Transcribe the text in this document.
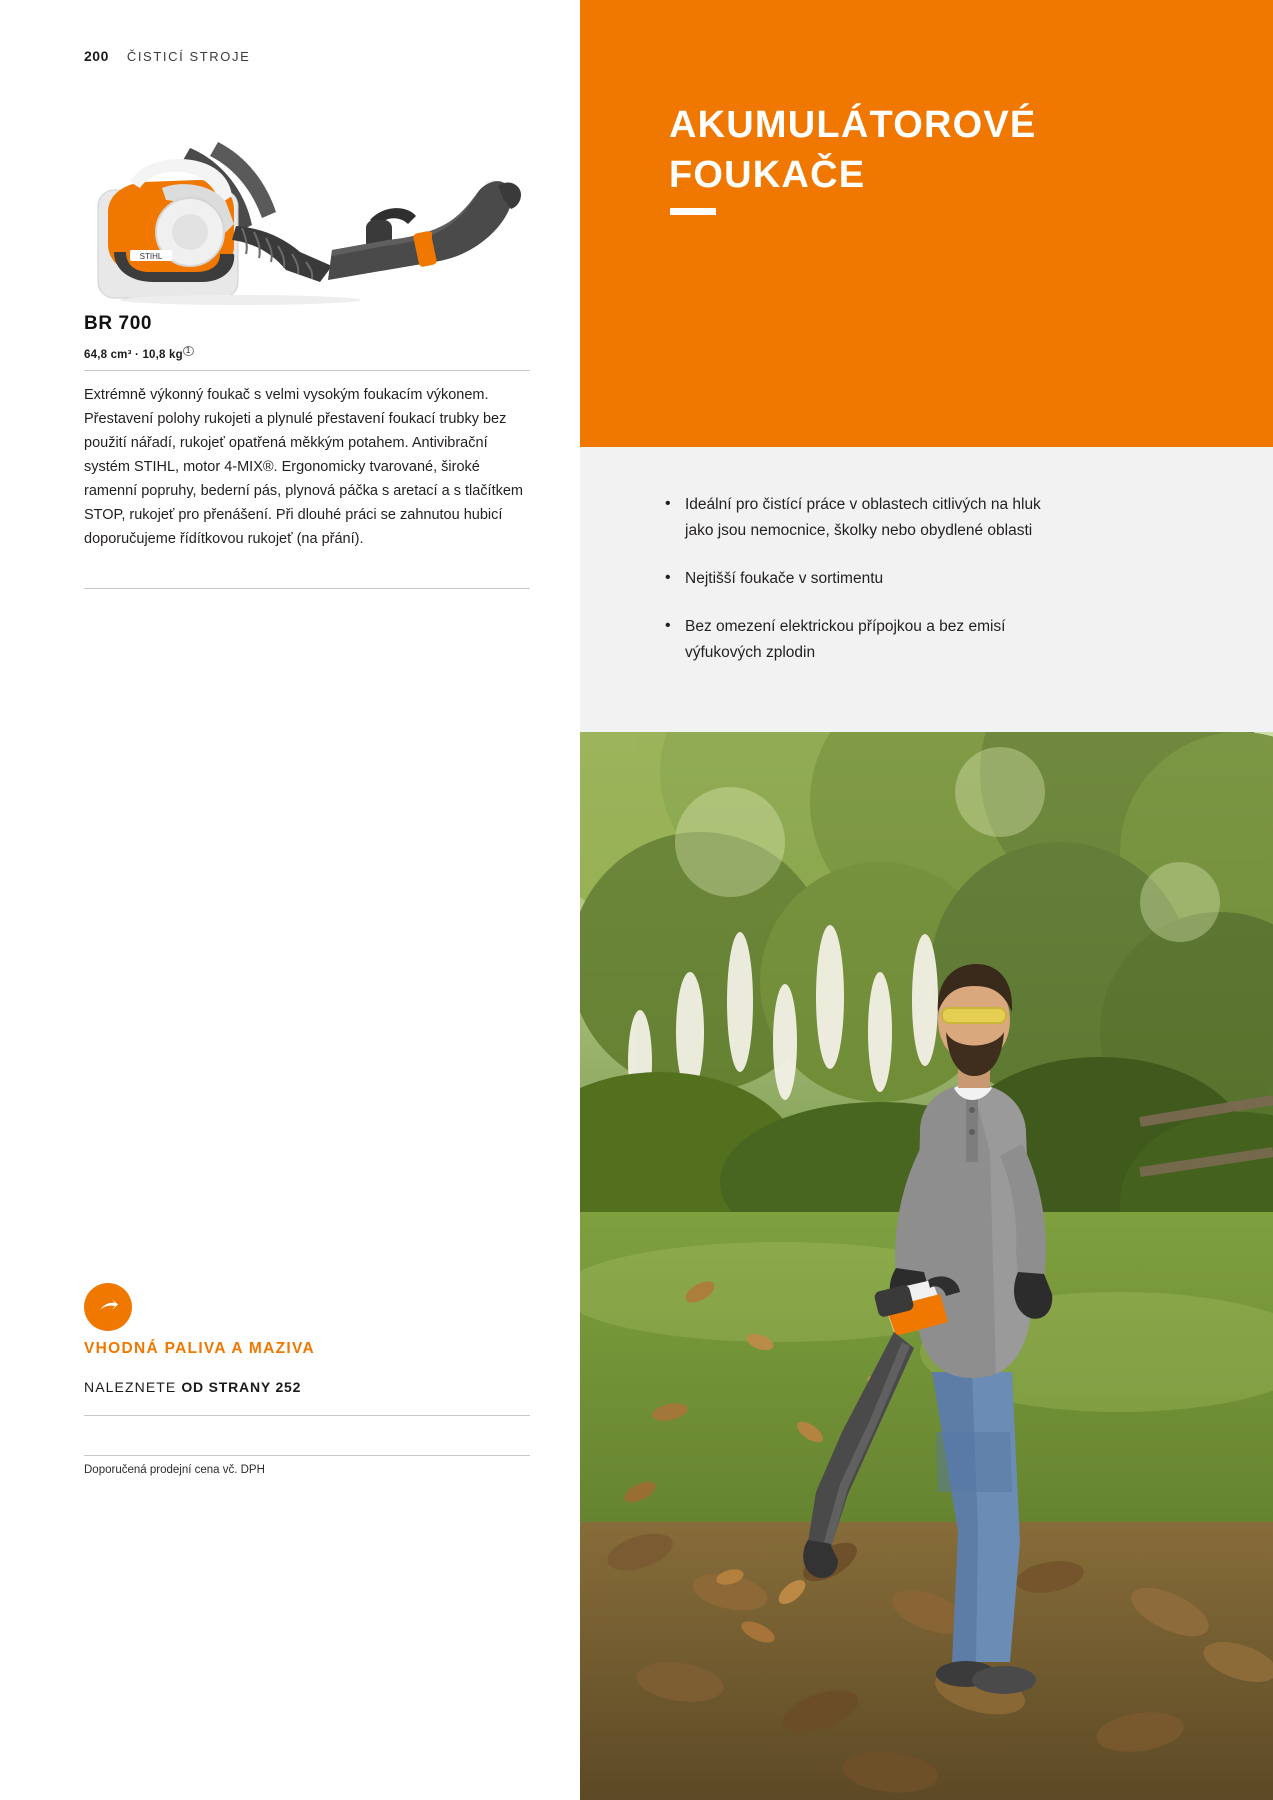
200 ČISTICÍ STROJE
STIHL
BR 700
64,8 cm³ · 10,8 kg 1
Extrémně výkonný foukač s velmi vysokým foukacím výkonem. Přestavení polohy rukojeti a plynulé přestavení foukací trubky bez použití nářadí, rukojeť opatřená měkkým potahem. Antivibrační systém STIHL, motor 4-MIX®. Ergonomicky tvarované, široké ramenní popruhy, bederní pás, plynová páčka s aretací a s tlačítkem STOP, rukojeť pro přenášení. Při dlouhé práci se zahnutou hubicí doporučujeme řídítkovou rukojeť (na přání).
VHODNÁ PALIVA A MAZIVA
NALEZNETE OD STRANY 252
Doporučená prodejní cena vč. DPH
AKUMULÁTOROVÉ FOUKAČE
• Ideální pro čistící práce v oblastech citlivých na hluk jako jsou nemocnice, školky nebo obydlené oblasti
• Nejtišší foukače v sortimentu
• Bez omezení elektrickou přípojkou a bez emisí výfukových zplodin
